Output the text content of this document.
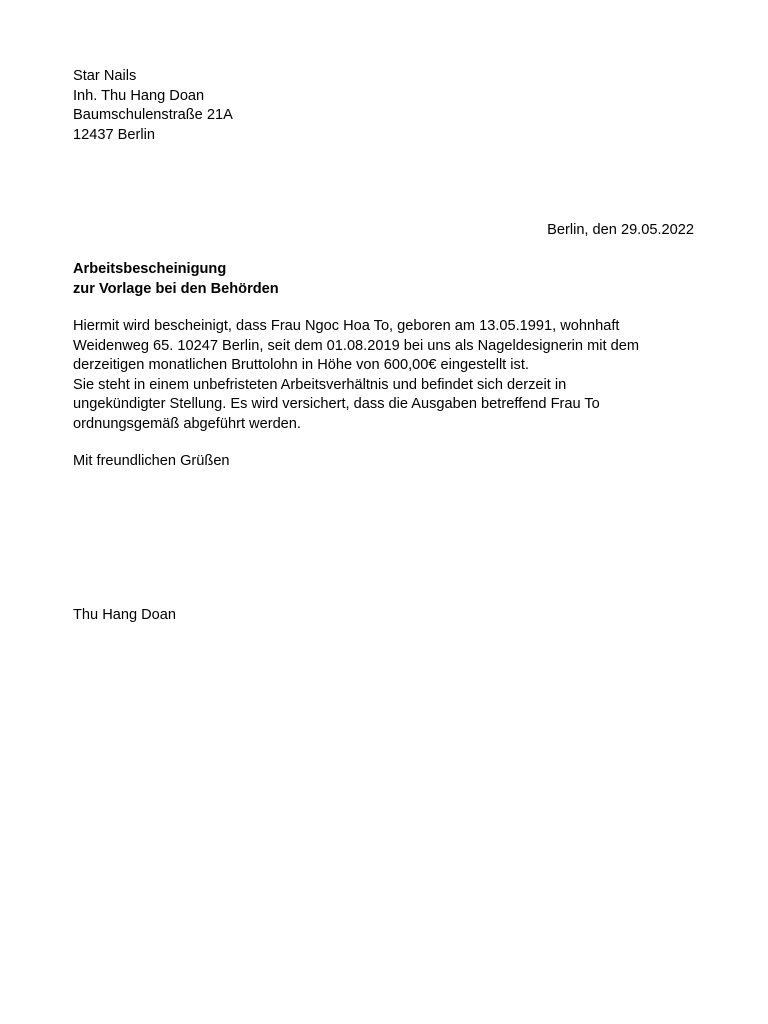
Star Nails
Inh. Thu Hang Doan
Baumschulenstraße 21A
12437 Berlin
Berlin, den 29.05.2022
Arbeitsbescheinigung
zur Vorlage bei den Behörden
Hiermit wird bescheinigt, dass Frau Ngoc Hoa To, geboren am 13.05.1991, wohnhaft
Weidenweg 65. 10247 Berlin, seit dem 01.08.2019 bei uns als Nageldesignerin mit dem
derzeitigen monatlichen Bruttolohn in Höhe von 600,00€ eingestellt ist.
Sie steht in einem unbefristeten Arbeitsverhältnis und befindet sich derzeit in
ungekündigter Stellung. Es wird versichert, dass die Ausgaben betreffend Frau To
ordnungsgemäß abgeführt werden.
Mit freundlichen Grüßen
Thu Hang Doan
